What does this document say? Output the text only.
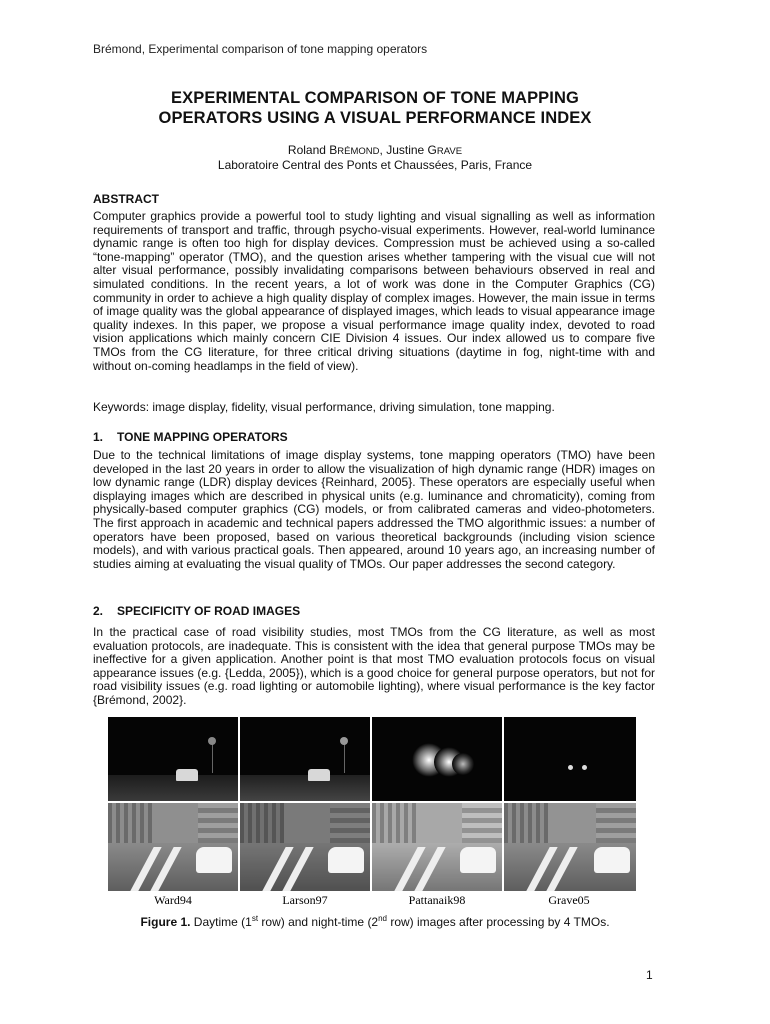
Brémond, Experimental comparison of tone mapping operators
EXPERIMENTAL COMPARISON OF TONE MAPPING
OPERATORS USING A VISUAL PERFORMANCE INDEX
Roland BRÉMOND, Justine GRAVE
Laboratoire Central des Ponts et Chaussées, Paris, France
ABSTRACT

Computer graphics provide a powerful tool to study lighting and visual signalling as well as information requirements of transport and traffic, through psycho-visual experiments. However, real-world luminance dynamic range is often too high for display devices. Compression must be achieved using a so-called “tone-mapping” operator (TMO), and the question arises whether tampering with the visual cue will not alter visual performance, possibly invalidating comparisons between behaviours observed in real and simulated conditions. In the recent years, a lot of work was done in the Computer Graphics (CG) community in order to achieve a high quality display of complex images. However, the main issue in terms of image quality was the global appearance of displayed images, which leads to visual appearance image quality indexes. In this paper, we propose a visual performance image quality index, devoted to road vision applications which mainly concern CIE Division 4 issues. Our index allowed us to compare five TMOs from the CG literature, for three critical driving situations (daytime in fog, night-time with and without on-coming headlamps in the field of view).

Keywords: image display, fidelity, visual performance, driving simulation, tone mapping.

1. TONE MAPPING OPERATORS

Due to the technical limitations of image display systems, tone mapping operators (TMO) have been developed in the last 20 years in order to allow the visualization of high dynamic range (HDR) images on low dynamic range (LDR) display devices {Reinhard, 2005}. These operators are especially useful when displaying images which are described in physical units (e.g. luminance and chromaticity), coming from physically-based computer graphics (CG) models, or from calibrated cameras and video-photometers. The first approach in academic and technical papers addressed the TMO algorithmic issues: a number of operators have been proposed, based on various theoretical backgrounds (including vision science models), and with various practical goals. Then appeared, around 10 years ago, an increasing number of studies aiming at evaluating the visual quality of TMOs. Our paper addresses the second category.

2. SPECIFICITY OF ROAD IMAGES

In the practical case of road visibility studies, most TMOs from the CG literature, as well as most evaluation protocols, are inadequate. This is consistent with the idea that general purpose TMOs may be ineffective for a given application. Another point is that most TMO evaluation protocols focus on visual appearance issues (e.g. {Ledda, 2005}), which is a good choice for general purpose operators, but not for road visibility issues (e.g. road lighting or automobile lighting), where visual performance is the key factor {Brémond, 2002}.

Ward94	Larson97	Pattanaik98	Grave05
Figure 1. Daytime (1st row) and night-time (2nd row) images after processing by 4 TMOs.
1
